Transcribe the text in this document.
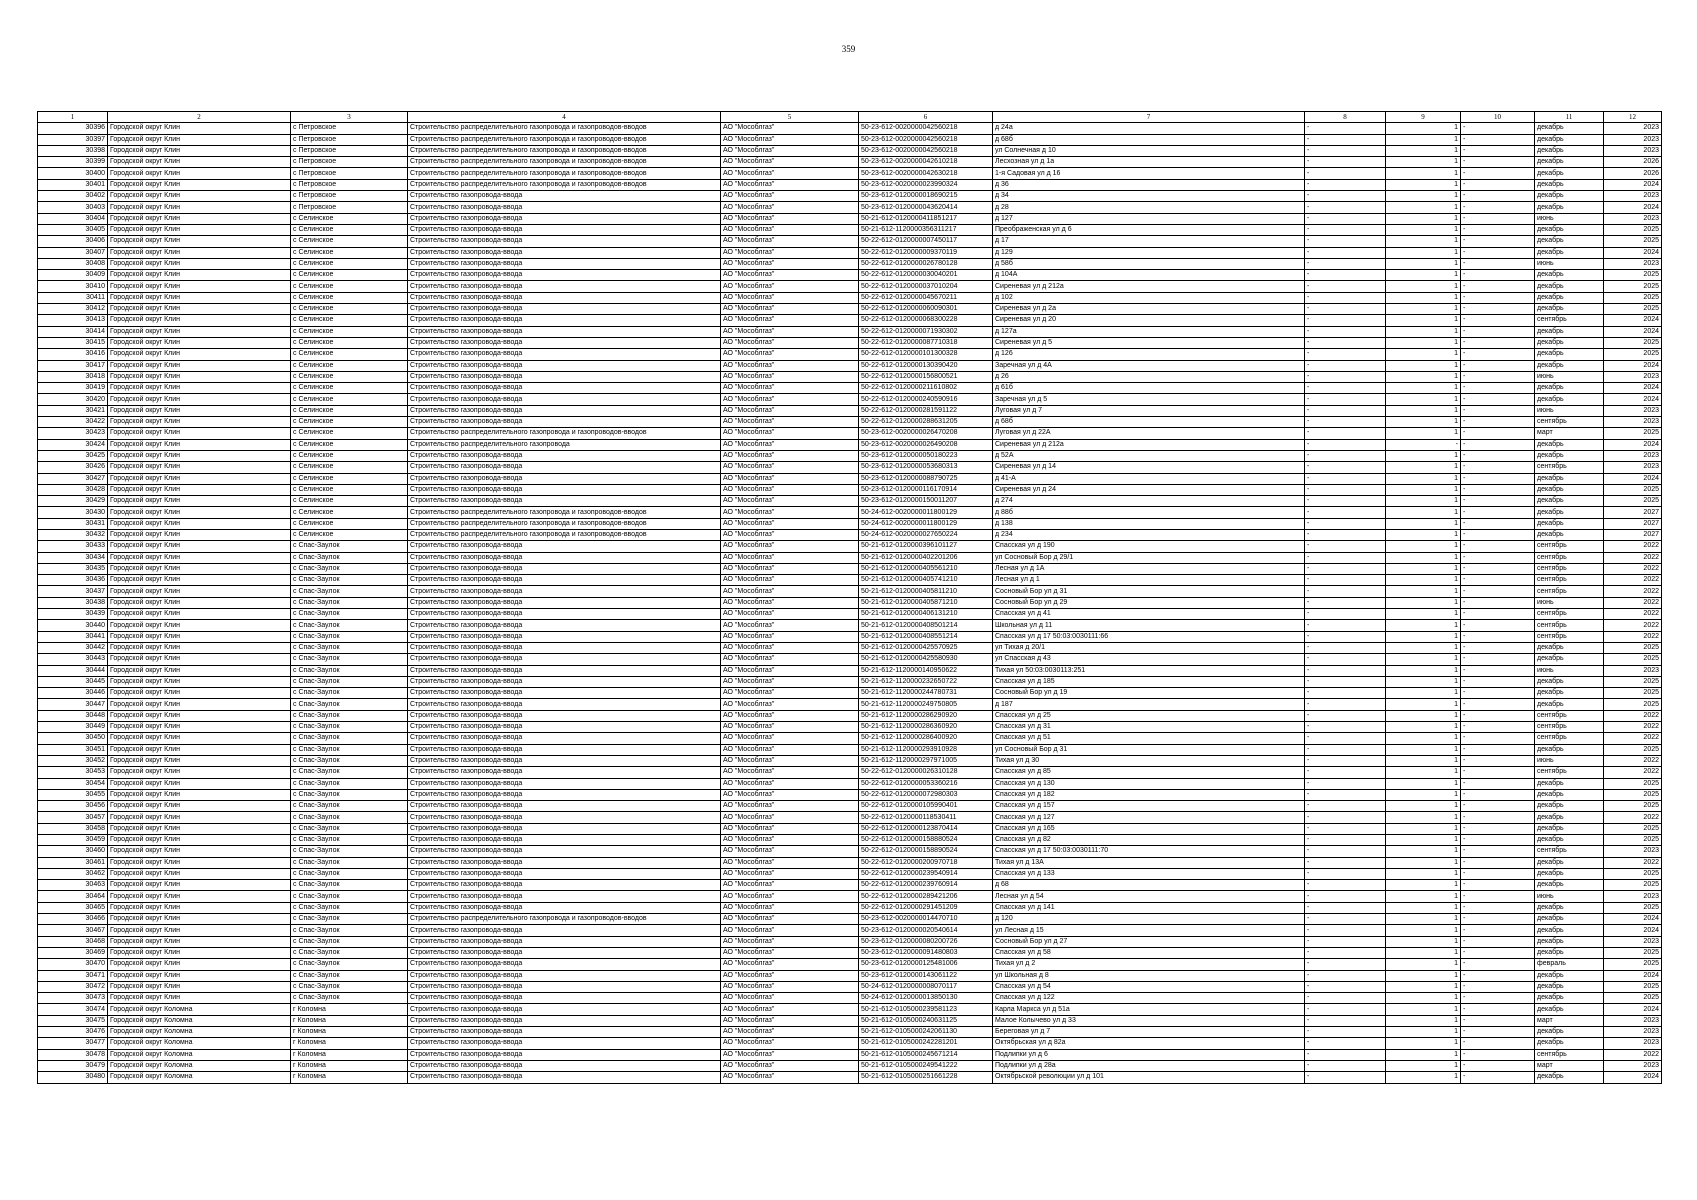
359
1	2	3	4	5	6	7	8	9	10	11	12
30396	Городской округ Клин	с Петровское	Строительство распределительного газопровода и газопроводов-вводов	АО "Мособлгаз"	50-23-612-0020000042560218	д 24а	-	1	-	декабрь	2023
30397	Городской округ Клин	с Петровское	Строительство распределительного газопровода и газопроводов-вводов	АО "Мособлгаз"	50-23-612-0020000042560218	д 68б	-	1	-	декабрь	2023
30398	Городской округ Клин	с Петровское	Строительство распределительного газопровода и газопроводов-вводов	АО "Мособлгаз"	50-23-612-0020000042560218	ул Солнечная д 10	-	1	-	декабрь	2023
30399	Городской округ Клин	с Петровское	Строительство распределительного газопровода и газопроводов-вводов	АО "Мособлгаз"	50-23-612-0020000042610218	Лесхозная ул д 1а	-	1	-	декабрь	2026
30400	Городской округ Клин	с Петровское	Строительство распределительного газопровода и газопроводов-вводов	АО "Мособлгаз"	50-23-612-0020000042630218	1-я Садовая ул д 16	-	1	-	декабрь	2026
30401	Городской округ Клин	с Петровское	Строительство распределительного газопровода и газопроводов-вводов	АО "Мособлгаз"	50-23-612-0020000023990324	д 36	-	1	-	декабрь	2024
30402	Городской округ Клин	с Петровское	Строительство газопровода-ввода	АО "Мособлгаз"	50-23-612-0120000018690215	д 34	-	1	-	декабрь	2023
30403	Городской округ Клин	с Петровское	Строительство газопровода-ввода	АО "Мособлгаз"	50-23-612-0120000043620414	д 28	-	1	-	декабрь	2024
30404	Городской округ Клин	с Селинское	Строительство газопровода-ввода	АО "Мособлгаз"	50-21-612-0120000411851217	д 127	-	1	-	июнь	2023
30405	Городской округ Клин	с Селинское	Строительство газопровода-ввода	АО "Мособлгаз"	50-21-612-1120000356311217	Преображенская ул д 6	-	1	-	декабрь	2025
30406	Городской округ Клин	с Селинское	Строительство газопровода-ввода	АО "Мособлгаз"	50-22-612-0120000007450117	д 17	-	1	-	декабрь	2025
30407	Городской округ Клин	с Селинское	Строительство газопровода-ввода	АО "Мособлгаз"	50-22-612-0120000009370119	д 129	-	1	-	декабрь	2024
30408	Городской округ Клин	с Селинское	Строительство газопровода-ввода	АО "Мособлгаз"	50-22-612-0120000026780128	д 58б	-	1	-	июнь	2023
30409	Городской округ Клин	с Селинское	Строительство газопровода-ввода	АО "Мособлгаз"	50-22-612-0120000030040201	д 104А	-	1	-	декабрь	2025
30410	Городской округ Клин	с Селинское	Строительство газопровода-ввода	АО "Мособлгаз"	50-22-612-0120000037010204	Сиреневая ул д 212а	-	1	-	декабрь	2025
30411	Городской округ Клин	с Селинское	Строительство газопровода-ввода	АО "Мособлгаз"	50-22-612-0120000045670211	д 102	-	1	-	декабрь	2025
30412	Городской округ Клин	с Селинское	Строительство газопровода-ввода	АО "Мособлгаз"	50-22-612-0120000060090301	Сиреневая ул д 2а	-	1	-	декабрь	2025
30413	Городской округ Клин	с Селинское	Строительство газопровода-ввода	АО "Мособлгаз"	50-22-612-0120000068300228	Сиреневая ул д 20	-	1	-	сентябрь	2024
30414	Городской округ Клин	с Селинское	Строительство газопровода-ввода	АО "Мособлгаз"	50-22-612-0120000071930302	д 127а	-	1	-	декабрь	2024
30415	Городской округ Клин	с Селинское	Строительство газопровода-ввода	АО "Мособлгаз"	50-22-612-0120000087710318	Сиреневая ул д 5	-	1	-	декабрь	2025
30416	Городской округ Клин	с Селинское	Строительство газопровода-ввода	АО "Мособлгаз"	50-22-612-0120000101300328	д 126	-	1	-	декабрь	2025
30417	Городской округ Клин	с Селинское	Строительство газопровода-ввода	АО "Мособлгаз"	50-22-612-0120000130390420	Заречная ул д 4А	-	1	-	декабрь	2024
30418	Городской округ Клин	с Селинское	Строительство газопровода-ввода	АО "Мособлгаз"	50-22-612-0120000156800521	д 26	-	1	-	июнь	2023
30419	Городской округ Клин	с Селинское	Строительство газопровода-ввода	АО "Мособлгаз"	50-22-612-0120000211610802	д 61б	-	1	-	декабрь	2024
30420	Городской округ Клин	с Селинское	Строительство газопровода-ввода	АО "Мособлгаз"	50-22-612-0120000240590916	Заречная ул д 5	-	1	-	декабрь	2024
30421	Городской округ Клин	с Селинское	Строительство газопровода-ввода	АО "Мособлгаз"	50-22-612-0120000281591122	Луговая ул д 7	-	1	-	июнь	2023
30422	Городской округ Клин	с Селинское	Строительство газопровода-ввода	АО "Мособлгаз"	50-22-612-0120000288631205	д 68б	-	1	-	сентябрь	2023
30423	Городской округ Клин	с Селинское	Строительство распределительного газопровода и газопроводов-вводов	АО "Мособлгаз"	50-23-612-0020000026470208	Луговая ул д 22А	-	1	-	март	2025
30424	Городской округ Клин	с Селинское	Строительство распределительного газопровода	АО "Мособлгаз"	50-23-612-0020000026490208	Сиреневая ул д 212а	-	-	-	декабрь	2024
30425	Городской округ Клин	с Селинское	Строительство газопровода-ввода	АО "Мособлгаз"	50-23-612-0120000050180223	д 52А	-	1	-	декабрь	2023
30426	Городской округ Клин	с Селинское	Строительство газопровода-ввода	АО "Мособлгаз"	50-23-612-0120000053680313	Сиреневая ул д 14	-	1	-	сентябрь	2023
30427	Городской округ Клин	с Селинское	Строительство газопровода-ввода	АО "Мособлгаз"	50-23-612-0120000088790725	д 41-А	-	1	-	декабрь	2024
30428	Городской округ Клин	с Селинское	Строительство газопровода-ввода	АО "Мособлгаз"	50-23-612-0120000116170914	Сиреневая ул д 24	-	1	-	декабрь	2025
30429	Городской округ Клин	с Селинское	Строительство газопровода-ввода	АО "Мособлгаз"	50-23-612-0120000150011207	д 274	-	1	-	декабрь	2025
30430	Городской округ Клин	с Селинское	Строительство распределительного газопровода и газопроводов-вводов	АО "Мособлгаз"	50-24-612-0020000011800129	д 88б	-	1	-	декабрь	2027
30431	Городской округ Клин	с Селинское	Строительство распределительного газопровода и газопроводов-вводов	АО "Мособлгаз"	50-24-612-0020000011800129	д 138	-	1	-	декабрь	2027
30432	Городской округ Клин	с Селинское	Строительство распределительного газопровода и газопроводов-вводов	АО "Мособлгаз"	50-24-612-0020000027650224	д 234	-	1	-	декабрь	2027
30433	Городской округ Клин	с Спас-Заулок	Строительство газопровода-ввода	АО "Мособлгаз"	50-21-612-0120000396101127	Спасская ул д 190	-	1	-	сентябрь	2022
30434	Городской округ Клин	с Спас-Заулок	Строительство газопровода-ввода	АО "Мособлгаз"	50-21-612-0120000402201206	ул Сосновый Бор д 29/1	-	1	-	сентябрь	2022
30435	Городской округ Клин	с Спас-Заулок	Строительство газопровода-ввода	АО "Мособлгаз"	50-21-612-0120000405561210	Лесная ул д 1А	-	1	-	сентябрь	2022
30436	Городской округ Клин	с Спас-Заулок	Строительство газопровода-ввода	АО "Мособлгаз"	50-21-612-0120000405741210	Лесная ул д 1	-	1	-	сентябрь	2022
30437	Городской округ Клин	с Спас-Заулок	Строительство газопровода-ввода	АО "Мособлгаз"	50-21-612-0120000405811210	Сосновый Бор ул д 31	-	1	-	сентябрь	2022
30438	Городской округ Клин	с Спас-Заулок	Строительство газопровода-ввода	АО "Мособлгаз"	50-21-612-0120000405871210	Сосновый Бор ул д 29	-	1	-	июнь	2022
30439	Городской округ Клин	с Спас-Заулок	Строительство газопровода-ввода	АО "Мособлгаз"	50-21-612-0120000406131210	Спасская ул д 41	-	1	-	сентябрь	2022
30440	Городской округ Клин	с Спас-Заулок	Строительство газопровода-ввода	АО "Мособлгаз"	50-21-612-0120000408501214	Школьная ул д 11	-	1	-	сентябрь	2022
30441	Городской округ Клин	с Спас-Заулок	Строительство газопровода-ввода	АО "Мособлгаз"	50-21-612-0120000408551214	Спасская ул д 17 50:03:0030111:66	-	1	-	сентябрь	2022
30442	Городской округ Клин	с Спас-Заулок	Строительство газопровода-ввода	АО "Мособлгаз"	50-21-612-0120000425570925	ул Тихая д 20/1	-	1	-	декабрь	2025
30443	Городской округ Клин	с Спас-Заулок	Строительство газопровода-ввода	АО "Мособлгаз"	50-21-612-0120000425580930	ул Спасская д 43	-	1	-	декабрь	2025
30444	Городской округ Клин	с Спас-Заулок	Строительство газопровода-ввода	АО "Мособлгаз"	50-21-612-1120000140950622	Тихая ул 50:03:0030113:251	-	1	-	июнь	2023
30445	Городской округ Клин	с Спас-Заулок	Строительство газопровода-ввода	АО "Мособлгаз"	50-21-612-1120000232650722	Спасская ул д 185	-	1	-	декабрь	2025
30446	Городской округ Клин	с Спас-Заулок	Строительство газопровода-ввода	АО "Мособлгаз"	50-21-612-1120000244780731	Сосновый Бор ул д 19	-	1	-	декабрь	2025
30447	Городской округ Клин	с Спас-Заулок	Строительство газопровода-ввода	АО "Мособлгаз"	50-21-612-1120000249750805	д 187	-	1	-	декабрь	2025
30448	Городской округ Клин	с Спас-Заулок	Строительство газопровода-ввода	АО "Мособлгаз"	50-21-612-1120000286290920	Спасская ул д 25	-	1	-	сентябрь	2022
30449	Городской округ Клин	с Спас-Заулок	Строительство газопровода-ввода	АО "Мособлгаз"	50-21-612-1120000286360920	Спасская ул д 31	-	1	-	сентябрь	2022
30450	Городской округ Клин	с Спас-Заулок	Строительство газопровода-ввода	АО "Мособлгаз"	50-21-612-1120000286400920	Спасская ул д 51	-	1	-	сентябрь	2022
30451	Городской округ Клин	с Спас-Заулок	Строительство газопровода-ввода	АО "Мособлгаз"	50-21-612-1120000293910928	ул Сосновый Бор д 31	-	1	-	декабрь	2025
30452	Городской округ Клин	с Спас-Заулок	Строительство газопровода-ввода	АО "Мособлгаз"	50-21-612-1120000297971005	Тихая ул д 30	-	1	-	июнь	2022
30453	Городской округ Клин	с Спас-Заулок	Строительство газопровода-ввода	АО "Мособлгаз"	50-22-612-0120000026310128	Спасская ул д 85	-	1	-	сентябрь	2022
30454	Городской округ Клин	с Спас-Заулок	Строительство газопровода-ввода	АО "Мособлгаз"	50-22-612-0120000053360216	Спасская ул д 130	-	1	-	декабрь	2025
30455	Городской округ Клин	с Спас-Заулок	Строительство газопровода-ввода	АО "Мособлгаз"	50-22-612-0120000072980303	Спасская ул д 182	-	1	-	декабрь	2025
30456	Городской округ Клин	с Спас-Заулок	Строительство газопровода-ввода	АО "Мособлгаз"	50-22-612-0120000105990401	Спасская ул д 157	-	1	-	декабрь	2025
30457	Городской округ Клин	с Спас-Заулок	Строительство газопровода-ввода	АО "Мособлгаз"	50-22-612-0120000118530411	Спасская ул д 127	-	1	-	декабрь	2022
30458	Городской округ Клин	с Спас-Заулок	Строительство газопровода-ввода	АО "Мособлгаз"	50-22-612-0120000123870414	Спасская ул д 165	-	1	-	декабрь	2025
30459	Городской округ Клин	с Спас-Заулок	Строительство газопровода-ввода	АО "Мособлгаз"	50-22-612-0120000158880524	Спасская ул д 82	-	1	-	декабрь	2025
30460	Городской округ Клин	с Спас-Заулок	Строительство газопровода-ввода	АО "Мособлгаз"	50-22-612-0120000158890524	Спасская ул д 17 50:03:0030111:70	-	1	-	сентябрь	2023
30461	Городской округ Клин	с Спас-Заулок	Строительство газопровода-ввода	АО "Мособлгаз"	50-22-612-0120000200970718	Тихая ул д 13А	-	1	-	декабрь	2022
30462	Городской округ Клин	с Спас-Заулок	Строительство газопровода-ввода	АО "Мособлгаз"	50-22-612-0120000239540914	Спасская ул д 133	-	1	-	декабрь	2025
30463	Городской округ Клин	с Спас-Заулок	Строительство газопровода-ввода	АО "Мособлгаз"	50-22-612-0120000239760914	д 68	-	1	-	декабрь	2025
30464	Городской округ Клин	с Спас-Заулок	Строительство газопровода-ввода	АО "Мособлгаз"	50-22-612-0120000289421206	Лесная ул д 54	-	1	-	июнь	2023
30465	Городской округ Клин	с Спас-Заулок	Строительство газопровода-ввода	АО "Мособлгаз"	50-22-612-0120000291451209	Спасская ул д 141	-	1	-	декабрь	2025
30466	Городской округ Клин	с Спас-Заулок	Строительство распределительного газопровода и газопроводов-вводов	АО "Мособлгаз"	50-23-612-0020000014470710	д 120	-	1	-	декабрь	2024
30467	Городской округ Клин	с Спас-Заулок	Строительство газопровода-ввода	АО "Мособлгаз"	50-23-612-0120000020540614	ул Лесная д 15	-	1	-	декабрь	2024
30468	Городской округ Клин	с Спас-Заулок	Строительство газопровода-ввода	АО "Мособлгаз"	50-23-612-0120000080200726	Сосновый Бор ул д 27	-	1	-	декабрь	2023
30469	Городской округ Клин	с Спас-Заулок	Строительство газопровода-ввода	АО "Мособлгаз"	50-23-612-0120000091480803	Спасская ул д 58	-	1	-	декабрь	2025
30470	Городской округ Клин	с Спас-Заулок	Строительство газопровода-ввода	АО "Мособлгаз"	50-23-612-0120000125481006	Тихая ул д 2	-	1	-	февраль	2025
30471	Городской округ Клин	с Спас-Заулок	Строительство газопровода-ввода	АО "Мособлгаз"	50-23-612-0120000143061122	ул Школьная д 8	-	1	-	декабрь	2024
30472	Городской округ Клин	с Спас-Заулок	Строительство газопровода-ввода	АО "Мособлгаз"	50-24-612-0120000008070117	Спасская ул д 54	-	1	-	декабрь	2025
30473	Городской округ Клин	с Спас-Заулок	Строительство газопровода-ввода	АО "Мособлгаз"	50-24-612-0120000013850130	Спасская ул д 122	-	1	-	декабрь	2025
30474	Городской округ Коломна	г Коломна	Строительство газопровода-ввода	АО "Мособлгаз"	50-21-612-0105000239581123	Карла Маркса ул д 51а	-	1	-	декабрь	2024
30475	Городской округ Коломна	г Коломна	Строительство газопровода-ввода	АО "Мособлгаз"	50-21-612-0105000240631125	Малое Колычево ул д 33	-	1	-	март	2023
30476	Городской округ Коломна	г Коломна	Строительство газопровода-ввода	АО "Мособлгаз"	50-21-612-0105000242061130	Береговая ул д 7	-	1	-	декабрь	2023
30477	Городской округ Коломна	г Коломна	Строительство газопровода-ввода	АО "Мособлгаз"	50-21-612-0105000242281201	Октябрьская ул д 82а	-	1	-	декабрь	2023
30478	Городской округ Коломна	г Коломна	Строительство газопровода-ввода	АО "Мособлгаз"	50-21-612-0105000245671214	Подлипки ул д 6	-	1	-	сентябрь	2022
30479	Городской округ Коломна	г Коломна	Строительство газопровода-ввода	АО "Мособлгаз"	50-21-612-0105000249541222	Подлипки ул д 28а	-	1	-	март	2023
30480	Городской округ Коломна	г Коломна	Строительство газопровода-ввода	АО "Мособлгаз"	50-21-612-0105000251661228	Октябрьской революции ул д 101	-	1	-	декабрь	2024
